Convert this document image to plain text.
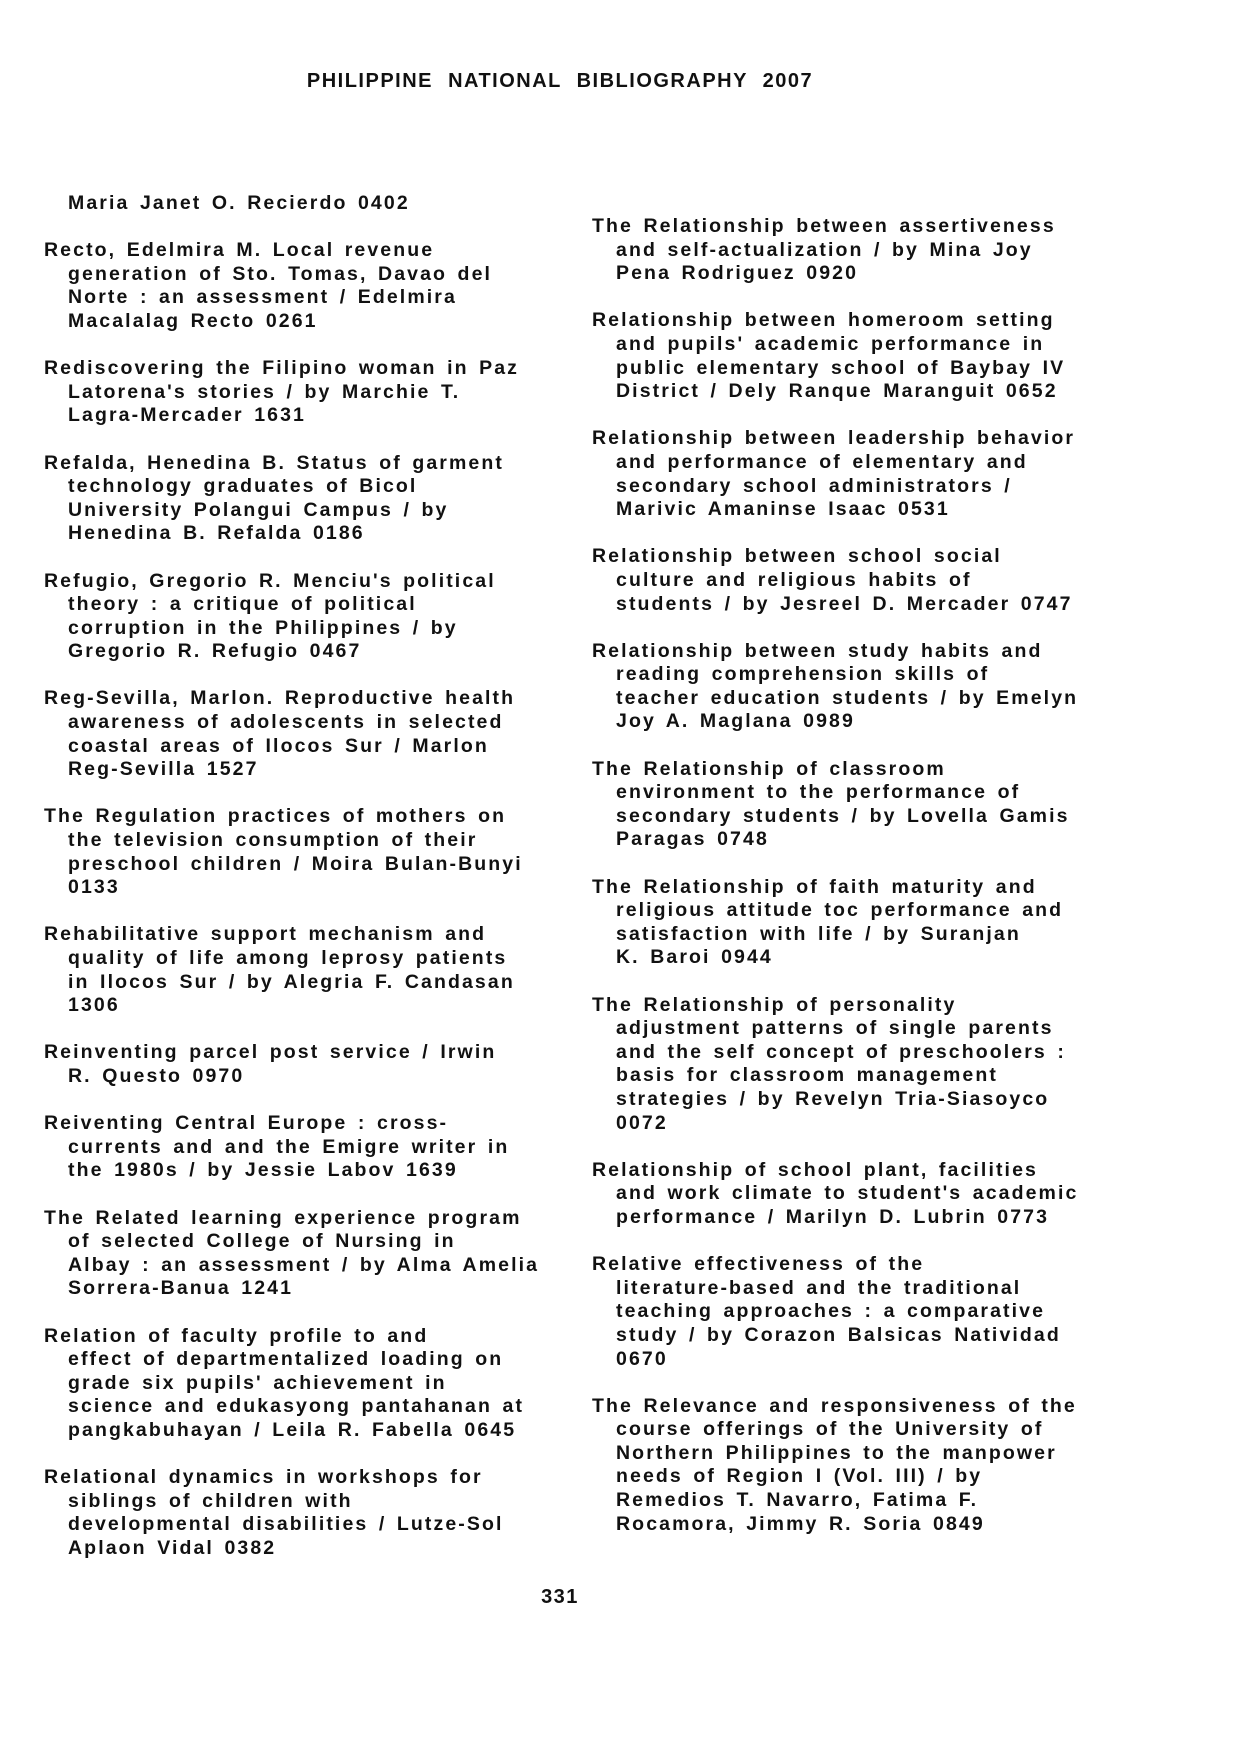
PHILIPPINE NATIONAL BIBLIOGRAPHY 2007

Maria Janet O. Recierdo 0402

Recto, Edelmira M. Local revenue
generation of Sto. Tomas, Davao del
Norte : an assessment / Edelmira
Macalalag Recto 0261

Rediscovering the Filipino woman in Paz
Latorena's stories / by Marchie T.
Lagra-Mercader 1631

Refalda, Henedina B. Status of garment
technology graduates of Bicol
University Polangui Campus / by
Henedina B. Refalda 0186

Refugio, Gregorio R. Menciu's political
theory : a critique of political
corruption in the Philippines / by
Gregorio R. Refugio 0467

Reg-Sevilla, Marlon. Reproductive health
awareness of adolescents in selected
coastal areas of Ilocos Sur / Marlon
Reg-Sevilla 1527

The Regulation practices of mothers on
the television consumption of their
preschool children / Moira Bulan-Bunyi
0133

Rehabilitative support mechanism and
quality of life among leprosy patients
in Ilocos Sur / by Alegria F. Candasan
1306

Reinventing parcel post service / Irwin
R. Questo 0970

Reiventing Central Europe : cross-
currents and and the Emigre writer in
the 1980s / by Jessie Labov 1639

The Related learning experience program
of selected College of Nursing in
Albay : an assessment / by Alma Amelia
Sorrera-Banua 1241

Relation of faculty profile to and
effect of departmentalized loading on
grade six pupils' achievement in
science and edukasyong pantahanan at
pangkabuhayan / Leila R. Fabella 0645

Relational dynamics in workshops for
siblings of children with
developmental disabilities / Lutze-Sol
Aplaon Vidal 0382

The Relationship between assertiveness
and self-actualization / by Mina Joy
Pena Rodriguez 0920

Relationship between homeroom setting
and pupils' academic performance in
public elementary school of Baybay IV
District / Dely Ranque Maranguit 0652

Relationship between leadership behavior
and performance of elementary and
secondary school administrators /
Marivic Amaninse Isaac 0531

Relationship between school social
culture and religious habits of
students / by Jesreel D. Mercader 0747

Relationship between study habits and
reading comprehension skills of
teacher education students / by Emelyn
Joy A. Maglana 0989

The Relationship of classroom
environment to the performance of
secondary students / by Lovella Gamis
Paragas 0748

The Relationship of faith maturity and
religious attitude toc performance and
satisfaction with life / by Suranjan
K. Baroi 0944

The Relationship of personality
adjustment patterns of single parents
and the self concept of preschoolers :
basis for classroom management
strategies / by Revelyn Tria-Siasoyco
0072

Relationship of school plant, facilities
and work climate to student's academic
performance / Marilyn D. Lubrin 0773

Relative effectiveness of the
literature-based and the traditional
teaching approaches : a comparative
study / by Corazon Balsicas Natividad
0670

The Relevance and responsiveness of the
course offerings of the University of
Northern Philippines to the manpower
needs of Region I (Vol. III) / by
Remedios T. Navarro, Fatima F.
Rocamora, Jimmy R. Soria 0849

331
